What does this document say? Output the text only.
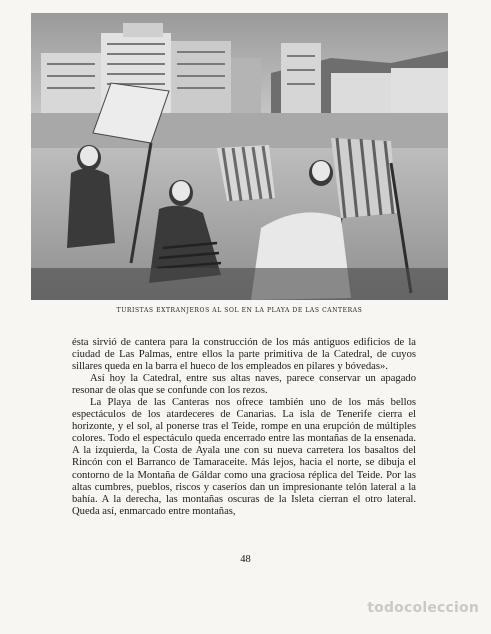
TURISTAS EXTRANJEROS AL SOL EN LA PLAYA DE LAS CANTERAS

ésta sirvió de cantera para la construcción de los más antiguos edificios de la ciudad de Las Palmas, entre ellos la parte primitiva de la Catedral, de cuyos sillares queda en la barra el hueco de los empleados en pilares y bóvedas».

Así hoy la Catedral, entre sus altas naves, parece conservar un apagado resonar de olas que se confunde con los rezos.

La Playa de las Canteras nos ofrece también uno de los más bellos espectáculos de los atardeceres de Canarias. La isla de Tenerife cierra el horizonte, y el sol, al ponerse tras el Teide, rompe en una erupción de múltiples colores. Todo el espectáculo queda encerrado entre las montañas de la ensenada. A la izquierda, la Costa de Ayala une con su nueva carretera los basaltos del Rincón con el Barranco de Tamaraceite. Más lejos, hacia el norte, se dibuja el contorno de la Montaña de Gáldar como una graciosa réplica del Teide. Por las altas cumbres, pueblos, riscos y caseríos dan un impresionante telón lateral a la bahía. A la derecha, las montañas oscuras de la Isleta cierran el otro lateral. Queda así, enmarcado entre montañas,

48
todocoleccion
